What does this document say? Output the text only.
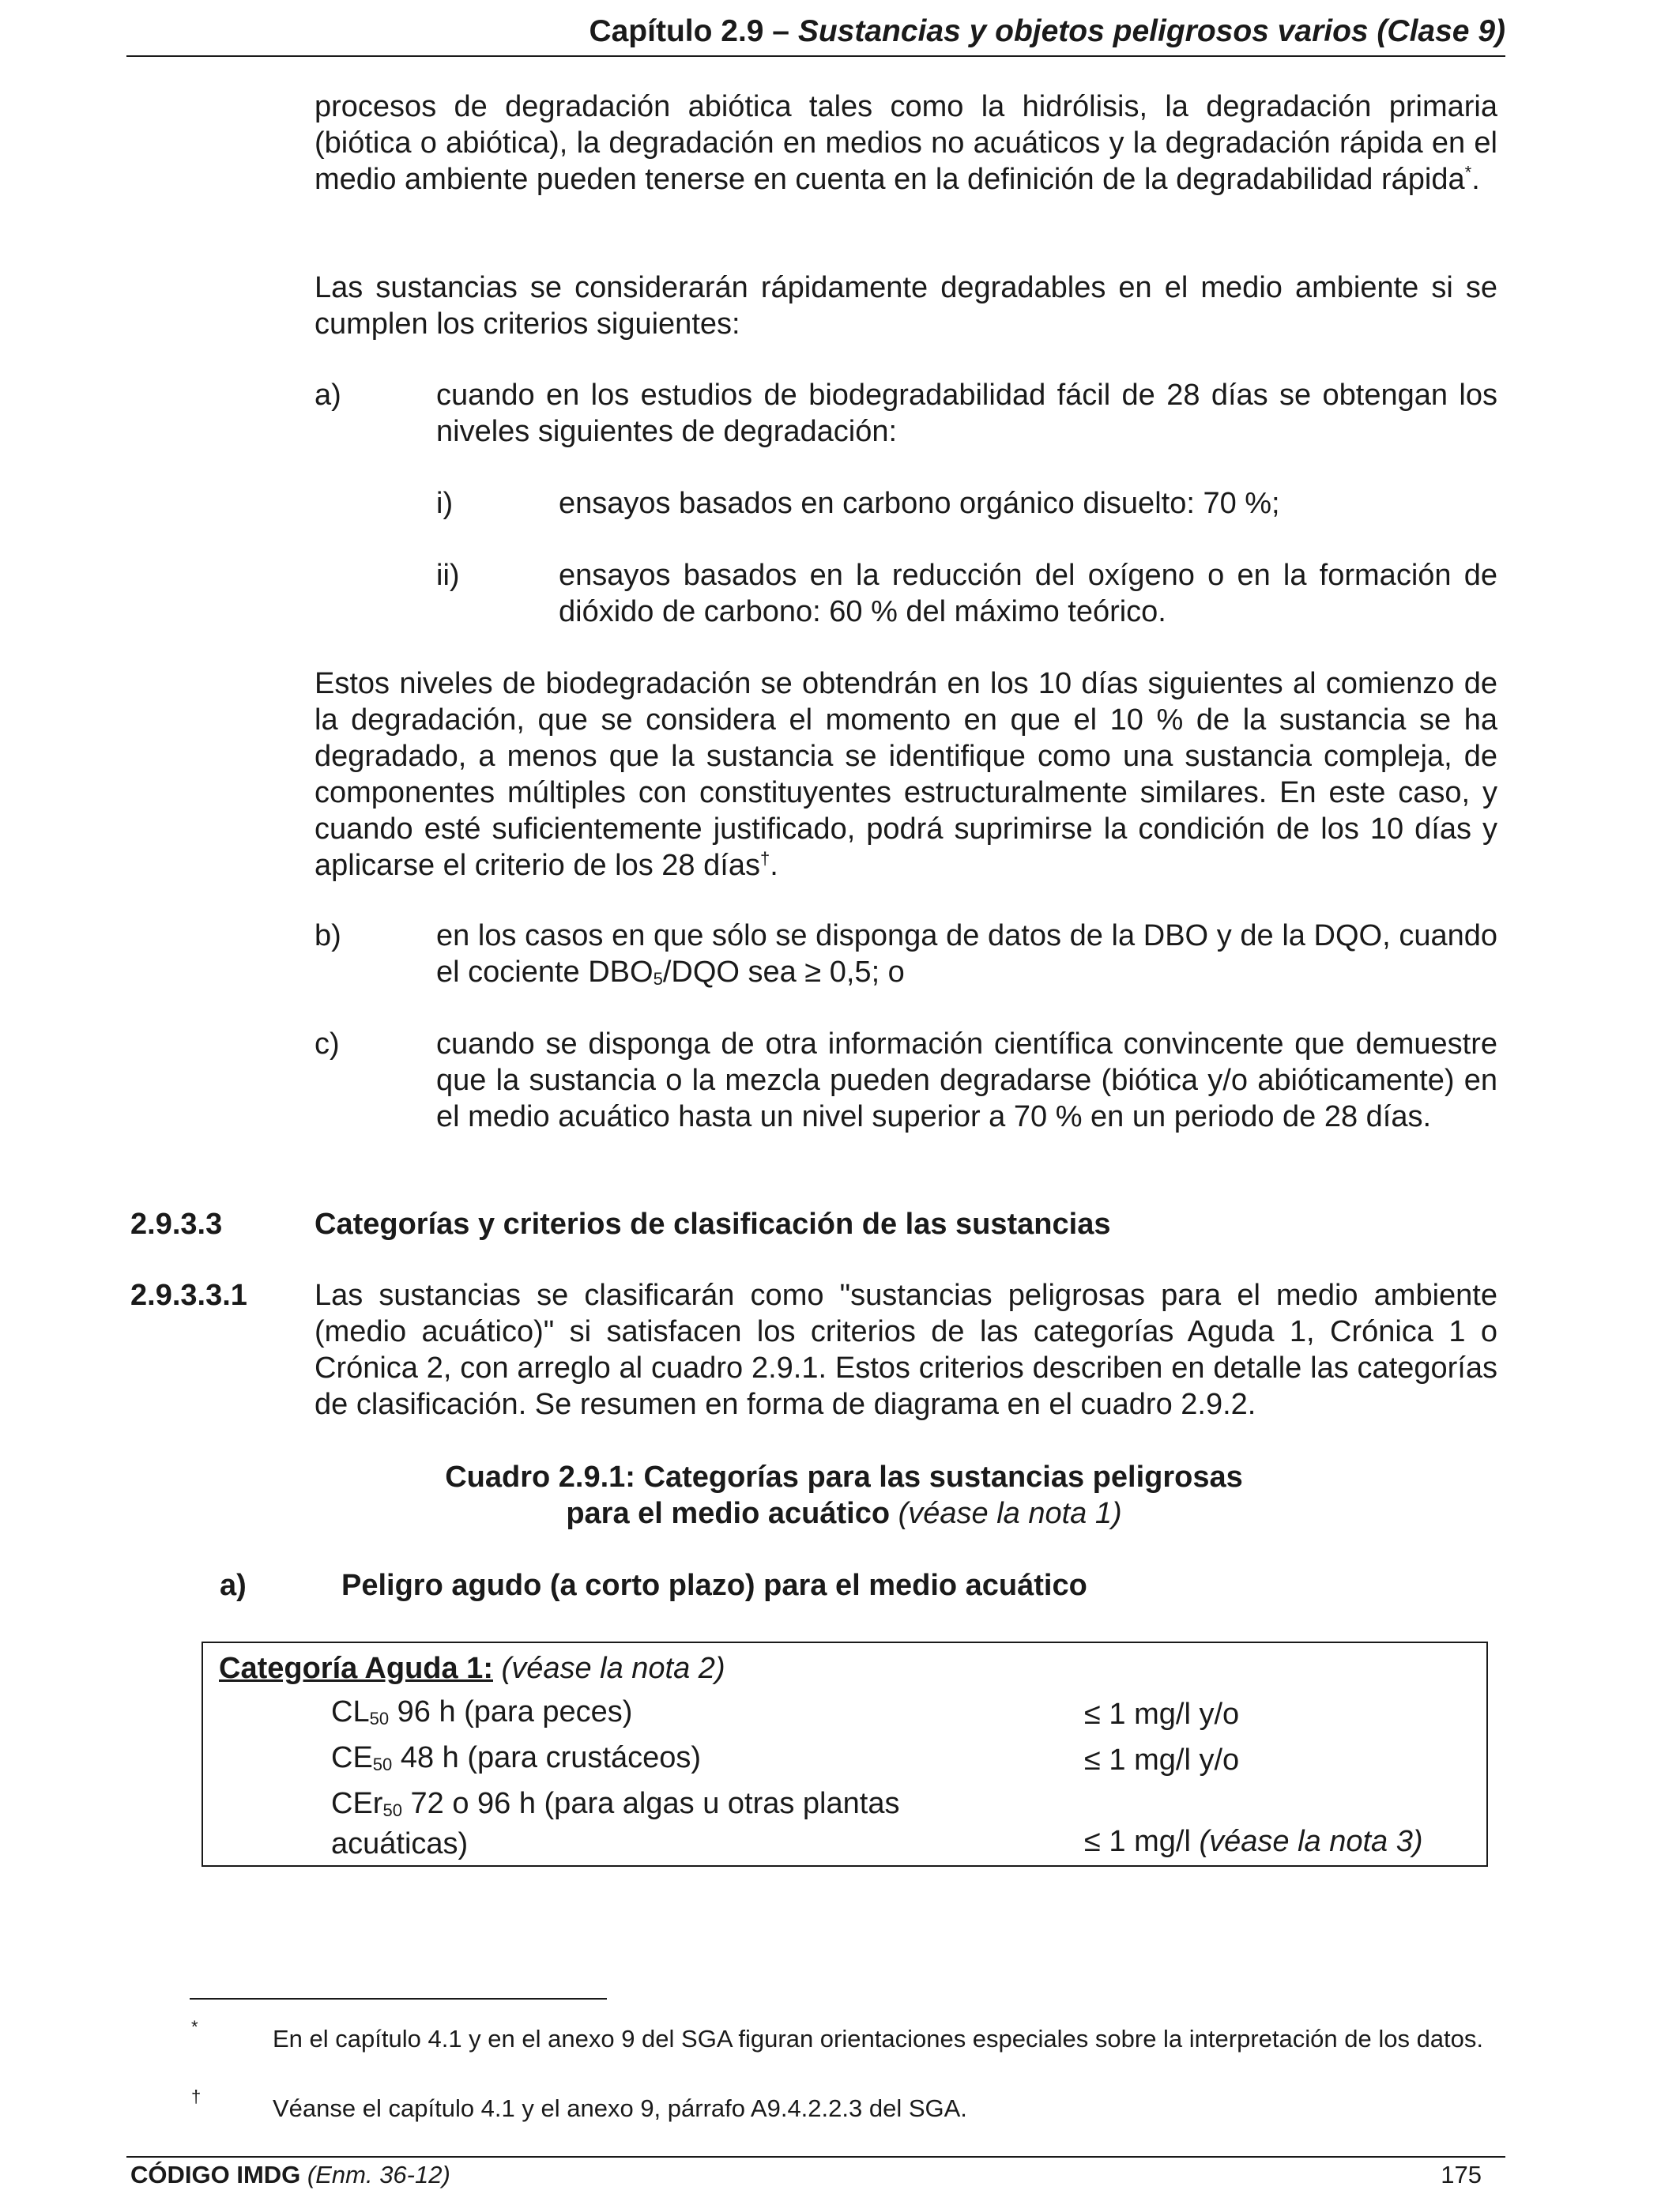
Capítulo 2.9 – Sustancias y objetos peligrosos varios (Clase 9)
procesos de degradación abiótica tales como la hidrólisis, la degradación primaria (biótica o abiótica), la degradación en medios no acuáticos y la degradación rápida en el medio ambiente pueden tenerse en cuenta en la definición de la degradabilidad rápida*.
Las sustancias se considerarán rápidamente degradables en el medio ambiente si se cumplen los criterios siguientes:
a)	cuando en los estudios de biodegradabilidad fácil de 28 días se obtengan los niveles siguientes de degradación:
i)	ensayos basados en carbono orgánico disuelto: 70 %;
ii)	ensayos basados en la reducción del oxígeno o en la formación de dióxido de carbono: 60 % del máximo teórico.
Estos niveles de biodegradación se obtendrán en los 10 días siguientes al comienzo de la degradación, que se considera el momento en que el 10 % de la sustancia se ha degradado, a menos que la sustancia se identifique como una sustancia compleja, de componentes múltiples con constituyentes estructuralmente similares. En este caso, y cuando esté suficientemente justificado, podrá suprimirse la condición de los 10 días y aplicarse el criterio de los 28 días†.
b)	en los casos en que sólo se disponga de datos de la DBO y de la DQO, cuando el cociente $DBO_5$/DQO sea ≥ 0,5; o
c)	cuando se disponga de otra información científica convincente que demuestre que la sustancia o la mezcla pueden degradarse (biótica y/o abióticamente) en el medio acuático hasta un nivel superior a 70 % en un periodo de 28 días.
2.9.3.3	Categorías y criterios de clasificación de las sustancias
2.9.3.3.1 Las sustancias se clasificarán como "sustancias peligrosas para el medio ambiente (medio acuático)" si satisfacen los criterios de las categorías Aguda 1, Crónica 1 o Crónica 2, con arreglo al cuadro 2.9.1. Estos criterios describen en detalle las categorías de clasificación. Se resumen en forma de diagrama en el cuadro 2.9.2.
Cuadro 2.9.1: Categorías para las sustancias peligrosas
para el medio acuático (véase la nota 1)
a)	Peligro agudo (a corto plazo) para el medio acuático
Categoría Aguda 1: (véase la nota 2)
$CL_{50}$ 96 h (para peces)	≤ 1 mg/l y/o
$CE_{50}$ 48 h (para crustáceos)	≤ 1 mg/l y/o
CEr$_{50}$ 72 o 96 h (para algas u otras plantas
acuáticas)	≤ 1 mg/l (véase la nota 3)
*	En el capítulo 4.1 y en el anexo 9 del SGA figuran orientaciones especiales sobre la interpretación de los datos.
†	Véanse el capítulo 4.1 y el anexo 9, párrafo A9.4.2.2.3 del SGA.
CÓDIGO IMDG (Enm. 36-12)	175
